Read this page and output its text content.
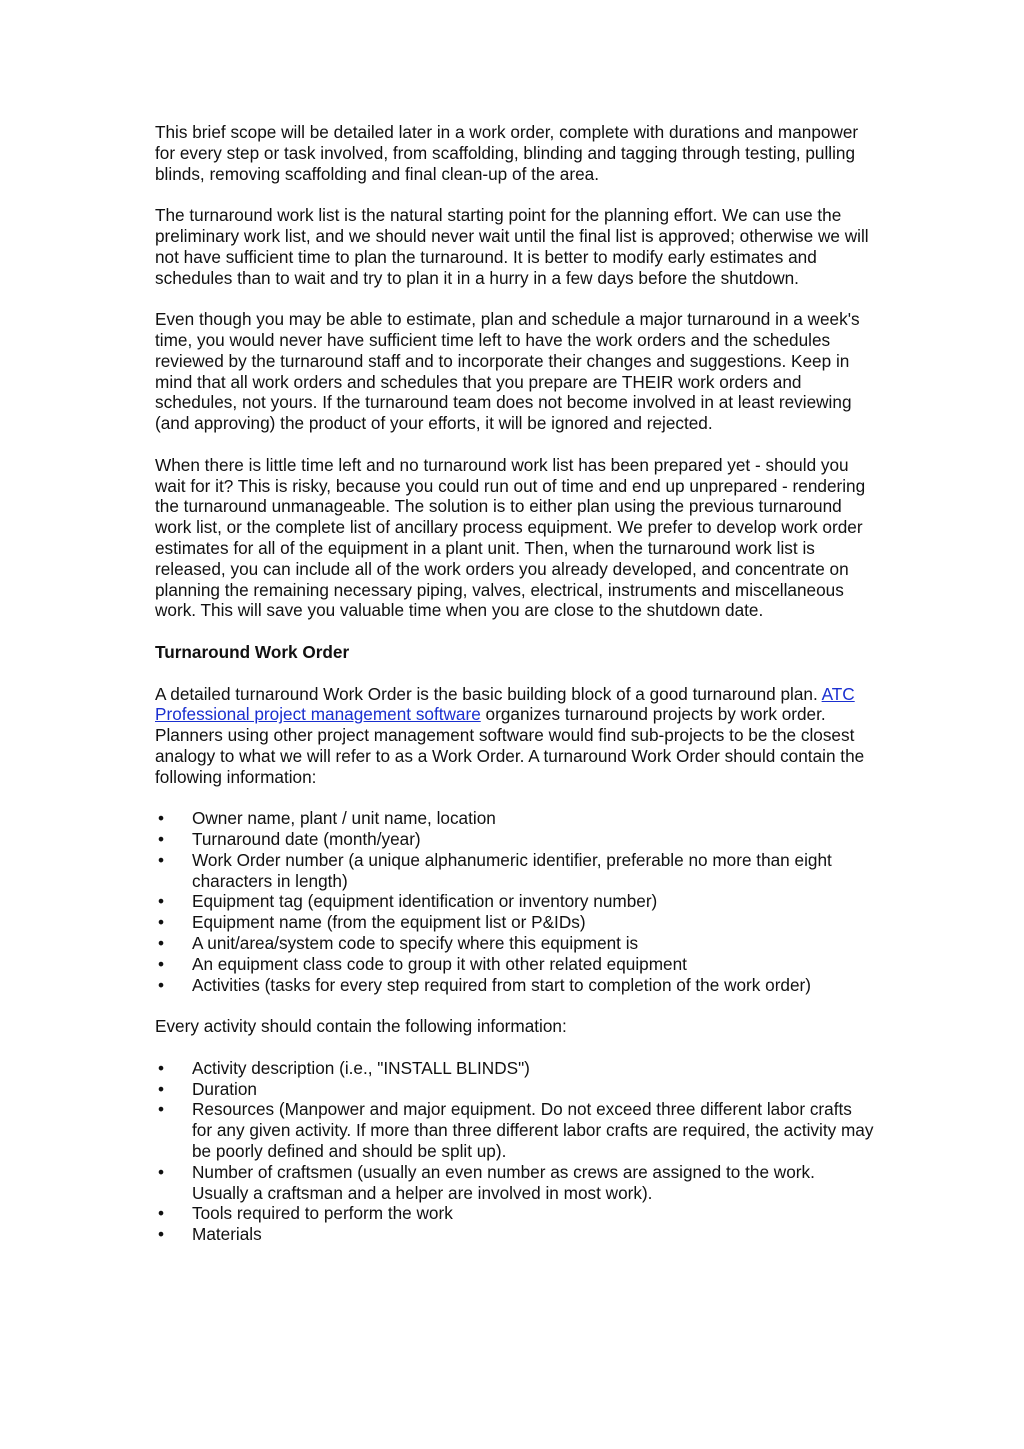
This brief scope will be detailed later in a work order, complete with durations and manpower for every step or task involved, from scaffolding, blinding and tagging through testing, pulling blinds, removing scaffolding and final clean-up of the area.

The turnaround work list is the natural starting point for the planning effort. We can use the preliminary work list, and we should never wait until the final list is approved; otherwise we will not have sufficient time to plan the turnaround. It is better to modify early estimates and schedules than to wait and try to plan it in a hurry in a few days before the shutdown.

Even though you may be able to estimate, plan and schedule a major turnaround in a week's time, you would never have sufficient time left to have the work orders and the schedules reviewed by the turnaround staff and to incorporate their changes and suggestions. Keep in mind that all work orders and schedules that you prepare are THEIR work orders and schedules, not yours. If the turnaround team does not become involved in at least reviewing (and approving) the product of your efforts, it will be ignored and rejected.

When there is little time left and no turnaround work list has been prepared yet - should you wait for it? This is risky, because you could run out of time and end up unprepared - rendering the turnaround unmanageable. The solution is to either plan using the previous turnaround work list, or the complete list of ancillary process equipment. We prefer to develop work order estimates for all of the equipment in a plant unit. Then, when the turnaround work list is released, you can include all of the work orders you already developed, and concentrate on planning the remaining necessary piping, valves, electrical, instruments and miscellaneous work. This will save you valuable time when you are close to the shutdown date.

Turnaround Work Order

A detailed turnaround Work Order is the basic building block of a good turnaround plan. ATC Professional project management software organizes turnaround projects by work order. Planners using other project management software would find sub-projects to be the closest analogy to what we will refer to as a Work Order. A turnaround Work Order should contain the following information:

• Owner name, plant / unit name, location
• Turnaround date (month/year)
• Work Order number (a unique alphanumeric identifier, preferable no more than eight characters in length)
• Equipment tag (equipment identification or inventory number)
• Equipment name (from the equipment list or P&IDs)
• A unit/area/system code to specify where this equipment is
• An equipment class code to group it with other related equipment
• Activities (tasks for every step required from start to completion of the work order)

Every activity should contain the following information:

• Activity description (i.e., "INSTALL BLINDS")
• Duration
• Resources (Manpower and major equipment. Do not exceed three different labor crafts for any given activity. If more than three different labor crafts are required, the activity may be poorly defined and should be split up).
• Number of craftsmen (usually an even number as crews are assigned to the work. Usually a craftsman and a helper are involved in most work).
• Tools required to perform the work
• Materials
